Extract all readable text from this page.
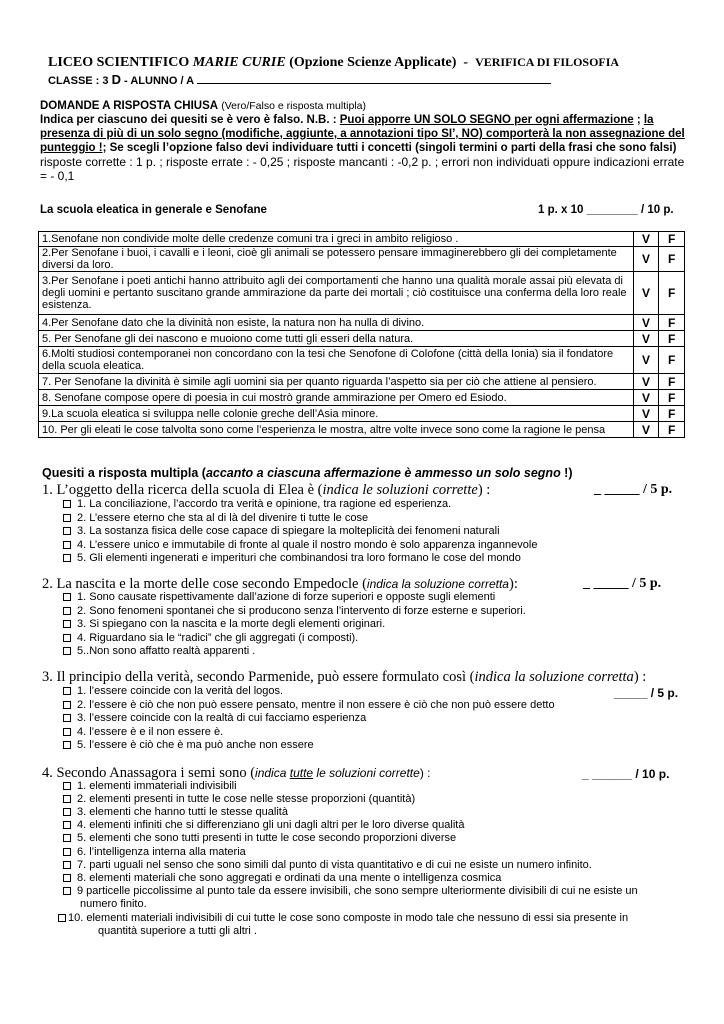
LICEO SCIENTIFICO MARIE CURIE (Opzione Scienze Applicate) - VERIFICA DI FILOSOFIA
CLASSE : 3 D - ALUNNO / A
DOMANDE A RISPOSTA CHIUSA (Vero/Falso e risposta multipla)
Indica per ciascuno dei quesiti se è vero è falso. N.B. : Puoi apporre UN SOLO SEGNO per ogni affermazione ; la presenza di più di un solo segno (modifiche, aggiunte, a annotazioni tipo SI’, NO) comporterà la non assegnazione del punteggio !; Se scegli l’opzione falso devi individuare tutti i concetti (singoli termini o parti della frasi che sono falsi)
risposte corrette : 1 p. ; risposte errate : - 0,25 ; risposte mancanti : -0,2 p. ; errori non individuati oppure indicazioni errate = - 0,1
La scuola eleatica in generale e Senofane	1 p. x 10 ________ / 10 p.
1.Senofane non condivide molte delle credenze comuni tra i greci in ambito religioso .	V	F
2.Per Senofane i buoi, i cavalli e i leoni, cioè gli animali se potessero pensare immaginerebbero gli dei completamente diversi da loro.	V	F
3.Per Senofane i poeti antichi hanno attribuito agli dei comportamenti che hanno una qualità morale assai più elevata di degli uomini e pertanto suscitano grande ammirazione da parte dei mortali ; ciò costituisce una conferma della loro reale esistenza.	V	F
4.Per Senofane dato che la divinità non esiste, la natura non ha nulla di divino.	V	F
5. Per Senofane gli dei nascono e muoiono come tutti gli esseri della natura.	V	F
6.Molti studiosi contemporanei non concordano con la tesi che Senofone di Colofone (città della Ionia) sia il fondatore della scuola eleatica.	V	F
7. Per Senofane la divinità è simile agli uomini sia per quanto riguarda l’aspetto sia per ciò che attiene al pensiero.	V	F
8. Senofane compose opere di poesia in cui mostrò grande ammirazione per Omero ed Esiodo.	V	F
9.La scuola eleatica si sviluppa nelle colonie greche dell’Asia minore.	V	F
10. Per gli eleati le cose talvolta sono come l’esperienza le mostra, altre volte invece sono come la ragione le pensa	V	F
Quesiti a risposta multipla (accanto a ciascuna affermazione è ammesso un solo segno !)
1. L’oggetto della ricerca della scuola di Elea è (indica le soluzioni corrette) :	_ _____ / 5 p.
1. La conciliazione, l’accordo tra verità e opinione, tra ragione ed esperienza.
2. L’essere eterno che sta al di là del divenire ti tutte le cose
3. La sostanza fisica delle cose capace di spiegare la molteplicità dei fenomeni naturali
4. L’essere unico e immutabile di fronte al quale il nostro mondo è solo apparenza ingannevole
5. Gli elementi ingenerati e imperituri che combinandosi tra loro formano le cose del mondo
2. La nascita e la morte delle cose secondo Empedocle (indica la soluzione corretta):	_ _____ / 5 p.
1. Sono causate rispettivamente dall’azione di forze superiori e opposte sugli elementi
2. Sono fenomeni spontanei che si producono senza l’intervento di forze esterne e superiori.
3. Si spiegano con la nascita e la morte degli elementi originari.
4. Riguardano sia le “radici” che gli aggregati (i composti).
5..Non sono affatto realtà apparenti .
3. Il principio della verità, secondo Parmenide, può essere formulato così (indica la soluzione corretta) :
_____ / 5 p.
1. l’essere coincide con la verità del logos.
2. l’essere è ciò che non può essere pensato, mentre il non essere è ciò che non può essere detto
3. l’essere coincide con la realtà di cui facciamo esperienza
4. l’essere è e il non essere è.
5. l’essere è ciò che è ma può anche non essere
4. Secondo Anassagora i semi sono (indica tutte le soluzioni corrette) :	_ ______ / 10 p.
1. elementi immateriali indivisibili
2. elementi presenti in tutte le cose nelle stesse proporzioni (quantità)
3. elementi che hanno tutti le stesse qualità
4. elementi infiniti che si differenziano gli uni dagli altri per le loro diverse qualità
5. elementi che sono tutti presenti in tutte le cose secondo proporzioni diverse
6. l’intelligenza interna alla materia
7. parti uguali nel senso che sono simili dal punto di vista quantitativo e di cui ne esiste un numero infinito.
8. elementi materiali che sono aggregati e ordinati da una mente o intelligenza cosmica
9 particelle piccolissime al punto tale da essere invisibili, che sono sempre ulteriormente divisibili di cui ne esiste un
numero finito.
10. elementi materiali indivisibili di cui tutte le cose sono composte in modo tale che nessuno di essi sia presente in
quantità superiore a tutti gli altri .
